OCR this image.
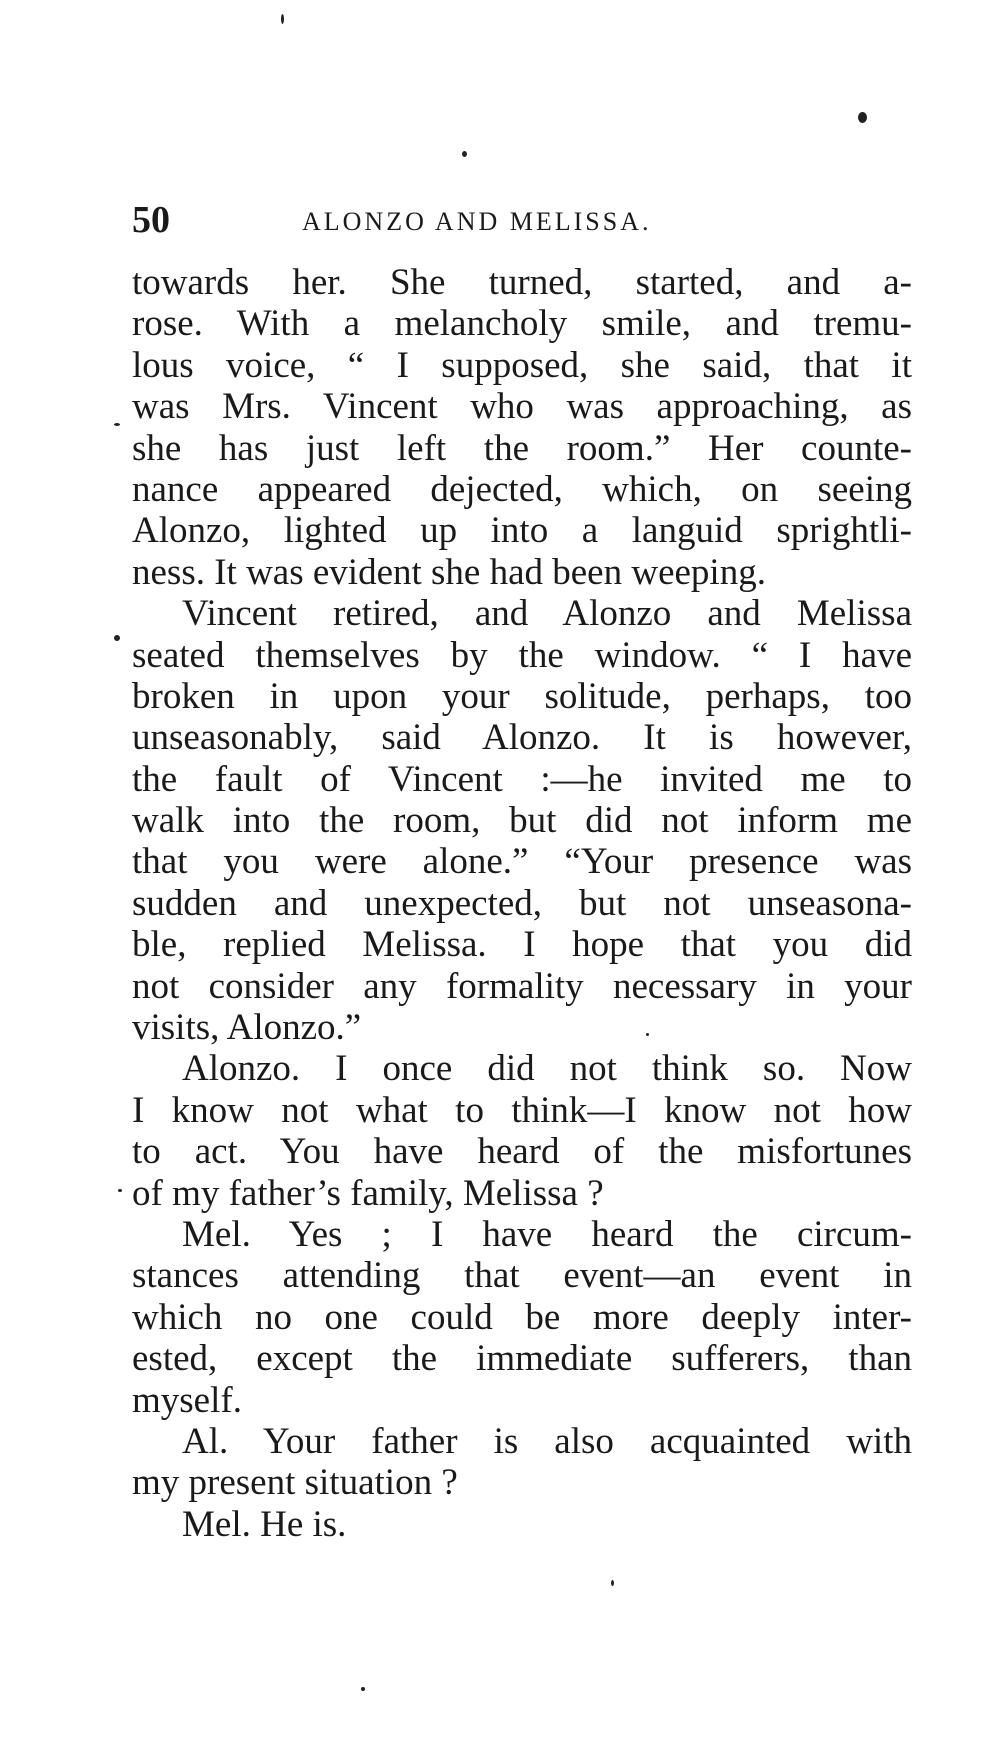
50	ALONZO AND MELISSA.
towards her. She turned, started, and a-
rose. With a melancholy smile, and tremu-
lous voice, “ I supposed, she said, that it
was Mrs. Vincent who was approaching, as
she has just left the room.” Her counte-
nance appeared dejected, which, on seeing
Alonzo, lighted up into a languid sprightli-
ness. It was evident she had been weeping.
Vincent retired, and Alonzo and Melissa
seated themselves by the window. “ I have
broken in upon your solitude, perhaps, too
unseasonably, said Alonzo. It is however,
the fault of Vincent :—he invited me to
walk into the room, but did not inform me
that you were alone.” “Your presence was
sudden and unexpected, but not unseasona-
ble, replied Melissa. I hope that you did
not consider any formality necessary in your
visits, Alonzo.”
Alonzo. I once did not think so. Now
I know not what to think—I know not how
to act. You have heard of the misfortunes
of my father’s family, Melissa ?
Mel. Yes ; I have heard the circum-
stances attending that event—an event in
which no one could be more deeply inter-
ested, except the immediate sufferers, than
myself.
Al. Your father is also acquainted with
my present situation ?
Mel. He is.
